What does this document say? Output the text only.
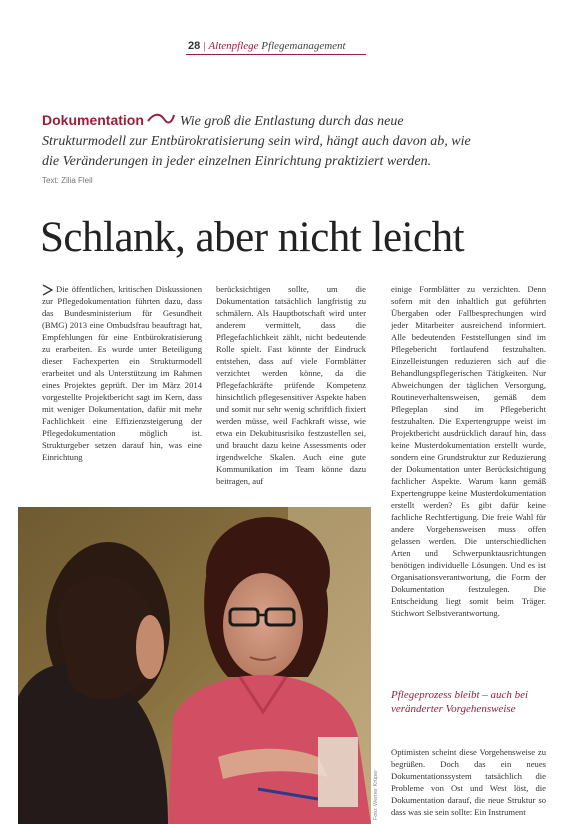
28 | Altenpflege Pflegemanagement
Dokumentation	Wie groß die Entlastung durch das neue Strukturmodell zur Entbürokratisierung sein wird, hängt auch davon ab, wie die Veränderungen in jeder einzelnen Einrichtung praktiziert werden.
Text: Zilia Fleil
Schlank, aber nicht leicht
Die öffentlichen, kritischen Diskussionen zur Pflegedokumentation führten dazu, dass das Bundesministerium für Gesundheit (BMG) 2013 eine Ombudsfrau beauftragt hat, Empfehlungen für eine Entbürokratisierung zu erarbeiten. Es wurde unter Beteiligung dieser Fachexperten ein Strukturmodell erarbeitet und als Unterstützung im Rahmen eines Projektes geprüft. Der im März 2014 vorgestellte Projektbericht sagt im Kern, dass mit weniger Dokumentation, dafür mit mehr Fachlichkeit eine Effizienzsteigerung der Pflegedokumentation möglich ist. Strukturgeber setzen darauf hin, was eine Einrichtung
berücksichtigen sollte, um die Dokumentation tatsächlich langfristig zu schmälern. Als Hauptbotschaft wird unter anderem vermittelt, dass die Pflegefachlichkeit zählt, nicht bedeutende Rolle spielt. Fast könnte der Eindruck entstehen, dass auf viele Formblätter verzichtet werden könne, da die Pflegefachkräfte prüfende Kompetenz hinsichtlich pflegesensitiver Aspekte haben und somit nur sehr wenig schriftlich fixiert werden müsse, weil Fachkraft wisse, wie etwa ein Dekubitusrisiko festzustellen sei, und braucht dazu keine Assessments oder irgendwelche Skalen. Auch eine gute Kommunikation im Team könne dazu beitragen, auf
einige Formblätter zu verzichten. Denn sofern mit den inhaltlich gut geführten Übergaben oder Fallbesprechungen wird jeder Mitarbeiter ausreichend informiert. Alle bedeutenden Feststellungen sind im Pflegebericht fortlaufend festzuhalten. Einzelleistungen reduzieren sich auf die Behandlungspflegerischen Tätigkeiten. Nur Abweichungen der täglichen Versorgung, Routineverhaltensweisen, gemäß dem Pflegeplan sind im Pflegebericht festzuhalten. Die Expertengruppe weist im Projektbericht ausdrücklich darauf hin, dass keine Musterdokumentation erstellt wurde, sondern eine Grundstruktur zur Reduzierung der Dokumentation unter Berücksichtigung fachlicher Aspekte. Warum kann gemäß Expertengruppe keine Musterdokumentation erstellt werden? Es gibt dafür keine fachliche Rechtfertigung. Die freie Wahl für andere Vorgehensweisen muss offen gelassen werden. Die unterschiedlichen Arten und Schwerpunktausrichtungen benötigen individuelle Lösungen. Und es ist Organisationsverantwortung, die Form der Dokumentation festzulegen. Die Entscheidung liegt somit beim Träger. Stichwort Selbstverantwortung.
Pflegeprozess bleibt – auch bei veränderter Vorgehensweise
Optimisten scheint diese Vorgehensweise zu begrüßen. Doch das ein neues Dokumentationssystem tatsächlich die Probleme von Ost und West löst, die Dokumentation darauf, die neue Struktur so dass was sie sein sollte: Ein Instrument
Foto: Werner Krüper
